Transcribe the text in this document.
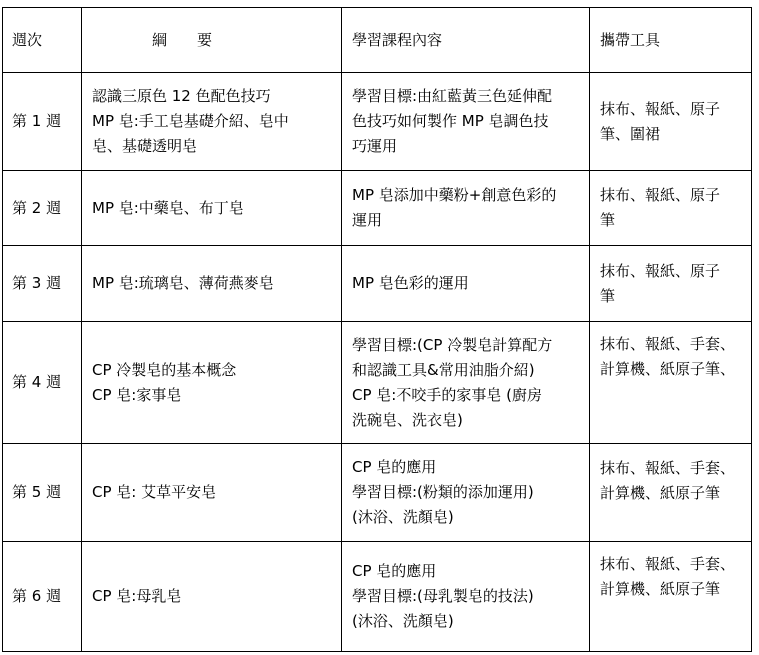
週次	綱　　要	學習課程內容	攜帶工具
第 1 週	認識三原色 12 色配色技巧
MP 皂:手工皂基礎介紹、皂中
皂、基礎透明皂	學習目標:由紅藍黃三色延伸配
色技巧如何製作 MP 皂調色技
巧運用	抹布、報紙、原子
筆、圍裙

第 2 週	MP 皂:中藥皂、布丁皂	MP 皂添加中藥粉+創意色彩的
運用	抹布、報紙、原子
筆

第 3 週	MP 皂:琉璃皂、薄荷燕麥皂	MP 皂色彩的運用	抹布、報紙、原子
筆

第 4 週	CP 冷製皂的基本概念
CP 皂:家事皂	學習目標:(CP 冷製皂計算配方
和認識工具&常用油脂介紹)
CP 皂:不咬手的家事皂 (廚房
洗碗皂、洗衣皂)	抹布、報紙、手套、
計算機、紙原子筆、

第 5 週	CP 皂: 艾草平安皂	CP 皂的應用
學習目標:(粉類的添加運用)
(沐浴、洗顏皂)	抹布、報紙、手套、
計算機、紙原子筆

第 6 週	CP 皂:母乳皂	CP 皂的應用
學習目標:(母乳製皂的技法)
(沐浴、洗顏皂)	抹布、報紙、手套、
計算機、紙原子筆
